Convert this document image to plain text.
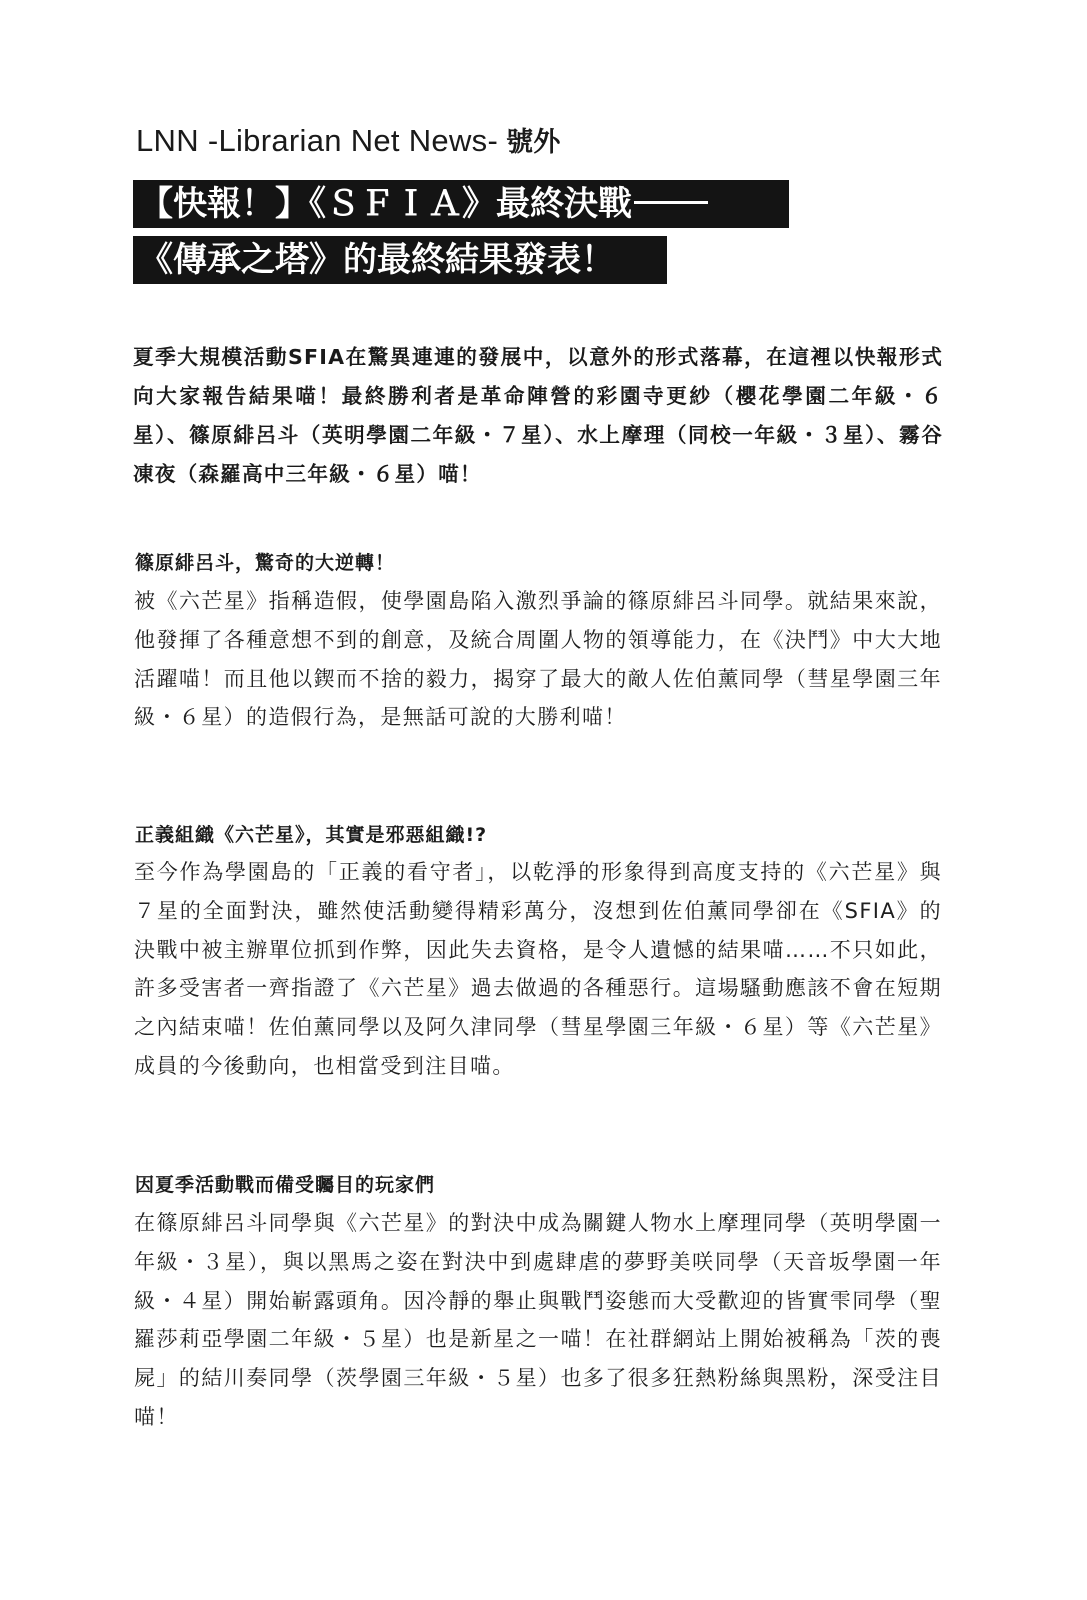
LNN -Librarian Net News- 號外
【快報！】《ＳＦＩＡ》最終決戰
《傳承之塔》的最終結果發表！
夏季大規模活動SFIA在驚異連連的發展中，以意外的形式落幕，在這裡以快報形式向大家報告結果喵！最終勝利者是革命陣營的彩園寺更紗（櫻花學園二年級・６星）、篠原緋呂斗（英明學園二年級・７星）、水上摩理（同校一年級・３星）、霧谷凍夜（森羅高中三年級・６星）喵！
篠原緋呂斗，驚奇的大逆轉！
被《六芒星》指稱造假，使學園島陷入激烈爭論的篠原緋呂斗同學。就結果來說，他發揮了各種意想不到的創意，及統合周圍人物的領導能力，在《決鬥》中大大地活躍喵！而且他以鍥而不捨的毅力，揭穿了最大的敵人佐伯薰同學（彗星學園三年級・６星）的造假行為，是無話可說的大勝利喵！
正義組織《六芒星》，其實是邪惡組織!?
至今作為學園島的「正義的看守者」，以乾淨的形象得到高度支持的《六芒星》與７星的全面對決，雖然使活動變得精彩萬分，沒想到佐伯薰同學卻在《SFIA》的決戰中被主辦單位抓到作弊，因此失去資格，是令人遺憾的結果喵……不只如此，許多受害者一齊指證了《六芒星》過去做過的各種惡行。這場騷動應該不會在短期之內結束喵！佐伯薰同學以及阿久津同學（彗星學園三年級・６星）等《六芒星》成員的今後動向，也相當受到注目喵。
因夏季活動戰而備受矚目的玩家們
在篠原緋呂斗同學與《六芒星》的對決中成為關鍵人物水上摩理同學（英明學園一年級・３星），與以黑馬之姿在對決中到處肆虐的夢野美咲同學（天音坂學園一年級・４星）開始嶄露頭角。因冷靜的舉止與戰鬥姿態而大受歡迎的皆實雫同學（聖羅莎莉亞學園二年級・５星）也是新星之一喵！在社群網站上開始被稱為「茨的喪屍」的結川奏同學（茨學園三年級・５星）也多了很多狂熱粉絲與黑粉，深受注目喵！
